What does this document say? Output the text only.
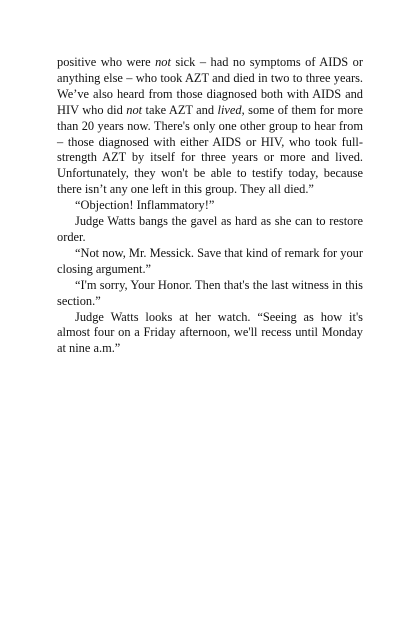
positive who were not sick – had no symptoms of AIDS or anything else – who took AZT and died in two to three years. We’ve also heard from those diagnosed both with AIDS and HIV who did not take AZT and lived, some of them for more than 20 years now. There's only one other group to hear from – those diagnosed with either AIDS or HIV, who took full-strength AZT by itself for three years or more and lived. Unfortunately, they won't be able to testify today, because there isn’t any one left in this group. They all died.”

“Objection! Inflammatory!”

Judge Watts bangs the gavel as hard as she can to restore order.

“Not now, Mr. Messick. Save that kind of remark for your closing argument.”

“I'm sorry, Your Honor. Then that's the last witness in this section.”

Judge Watts looks at her watch. “Seeing as how it's almost four on a Friday afternoon, we'll recess until Monday at nine a.m.”
